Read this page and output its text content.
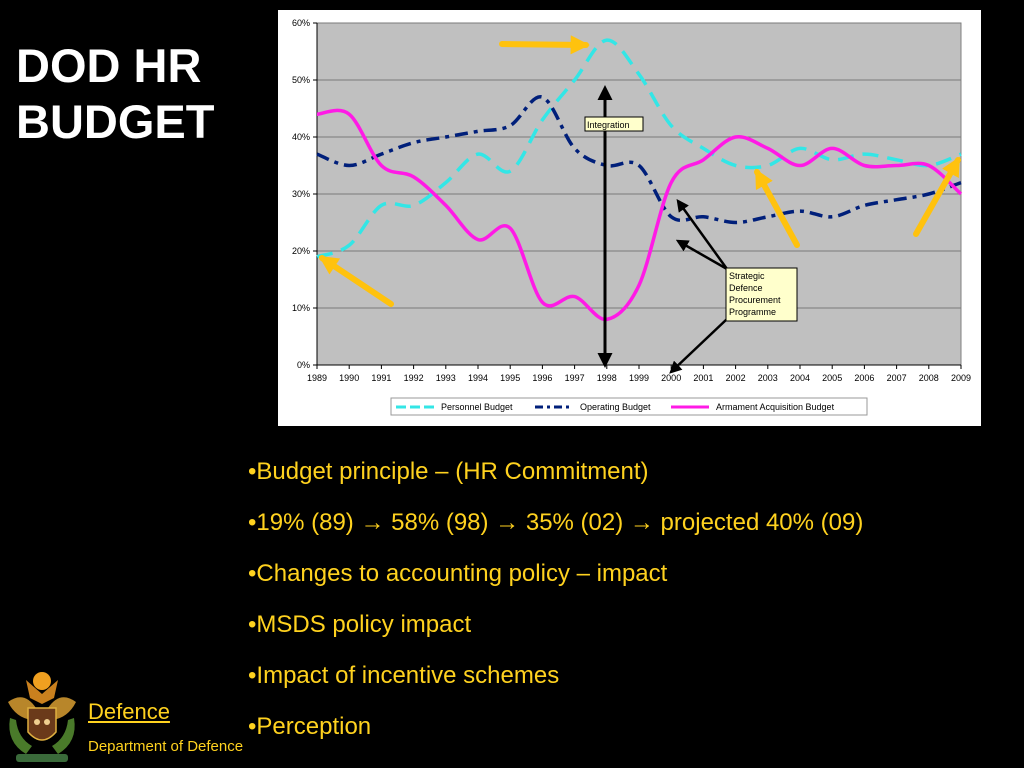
DOD HR
BUDGET
0%
10%
20%
30%
40%
50%
60%
1989 1990 1991 1992 1993 1994 1995 1996 1997 1998 1999 2000 2001 2002 2003 2004 2005 2006 2007 2008 2009
Integration
Strategic Defence Procurement Programme
Personnel Budget	Operating Budget	Armament Acquisition Budget
•Budget principle – (HR Commitment)
•19% (89) → 58% (98) → 35% (02) → projected 40% (09)
•Changes to accounting policy – impact
•MSDS policy impact
•Impact of incentive schemes
•Perception
Defence
Department of Defence
